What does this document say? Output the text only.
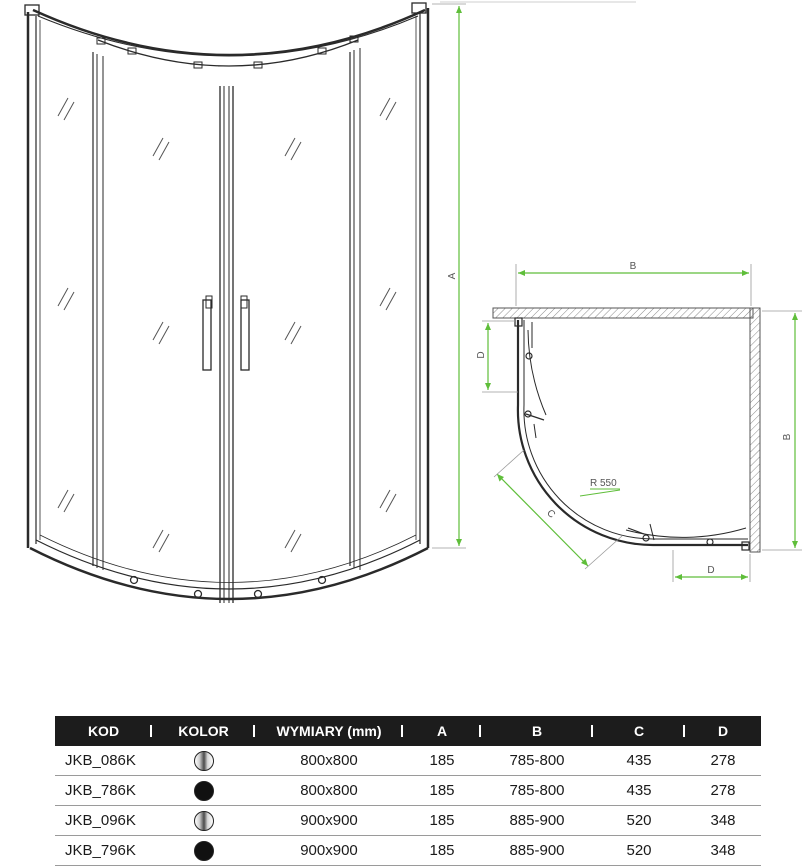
A
R 550
B
B
D
D
C
KOD	KOLOR	WYMIARY (mm)	A	B	C	D
JKB_086K		800x800	185	785-800	435	278
JKB_786K		800x800	185	785-800	435	278
JKB_096K		900x900	185	885-900	520	348
JKB_796K		900x900	185	885-900	520	348
